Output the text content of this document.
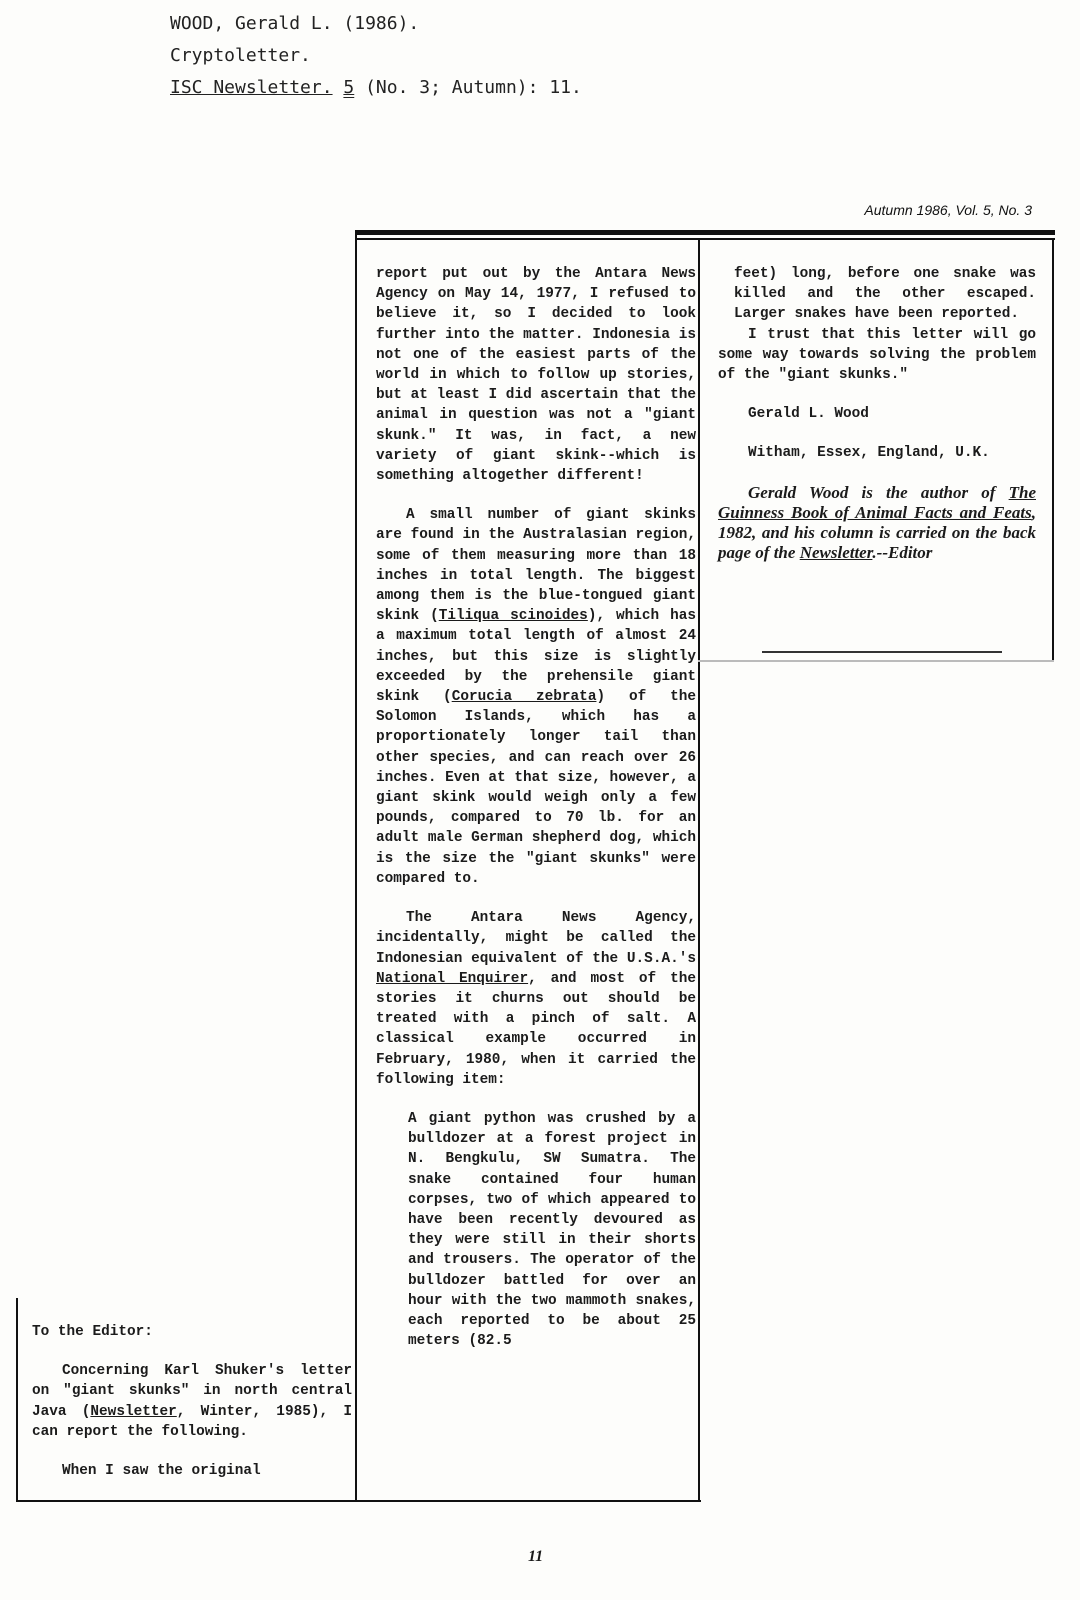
WOOD, Gerald L. (1986).
Cryptoletter.
ISC Newsletter. 5 (No. 3; Autumn): 11.
Autumn 1986, Vol. 5, No. 3

report put out by the Antara News Agency on May 14, 1977, I refused to believe it, so I decided to look further into the matter. Indonesia is not one of the easiest parts of the world in which to follow up stories, but at least I did ascertain that the animal in question was not a "giant skunk." It was, in fact, a new variety of giant skink--which is something altogether different!

A small number of giant skinks are found in the Australasian region, some of them measuring more than 18 inches in total length. The biggest among them is the blue-tongued giant skink (Tiliqua scinoides), which has a maximum total length of almost 24 inches, but this size is slightly exceeded by the prehensile giant skink (Corucia zebrata) of the Solomon Islands, which has a proportionately longer tail than other species, and can reach over 26 inches. Even at that size, however, a giant skink would weigh only a few pounds, compared to 70 lb. for an adult male German shepherd dog, which is the size the "giant skunks" were compared to.

The Antara News Agency, incidentally, might be called the Indonesian equivalent of the U.S.A.'s National Enquirer, and most of the stories it churns out should be treated with a pinch of salt. A classical example occurred in February, 1980, when it carried the following item:

A giant python was crushed by a bulldozer at a forest project in N. Bengkulu, SW Sumatra. The snake contained four human corpses, two of which appeared to have been recently devoured as they were still in their shorts and trousers. The operator of the bulldozer battled for over an hour with the two mammoth snakes, each reported to be about 25 meters (82.5

feet) long, before one snake was killed and the other escaped. Larger snakes have been reported.

I trust that this letter will go some way towards solving the problem of the "giant skunks."

Gerald L. Wood

Witham, Essex, England, U.K.

Gerald Wood is the author of The Guinness Book of Animal Facts and Feats, 1982, and his column is carried on the back page of the Newsletter.--Editor

To the Editor:

Concerning Karl Shuker's letter on "giant skunks" in north central Java (Newsletter, Winter, 1985), I can report the following.

When I saw the original

11
